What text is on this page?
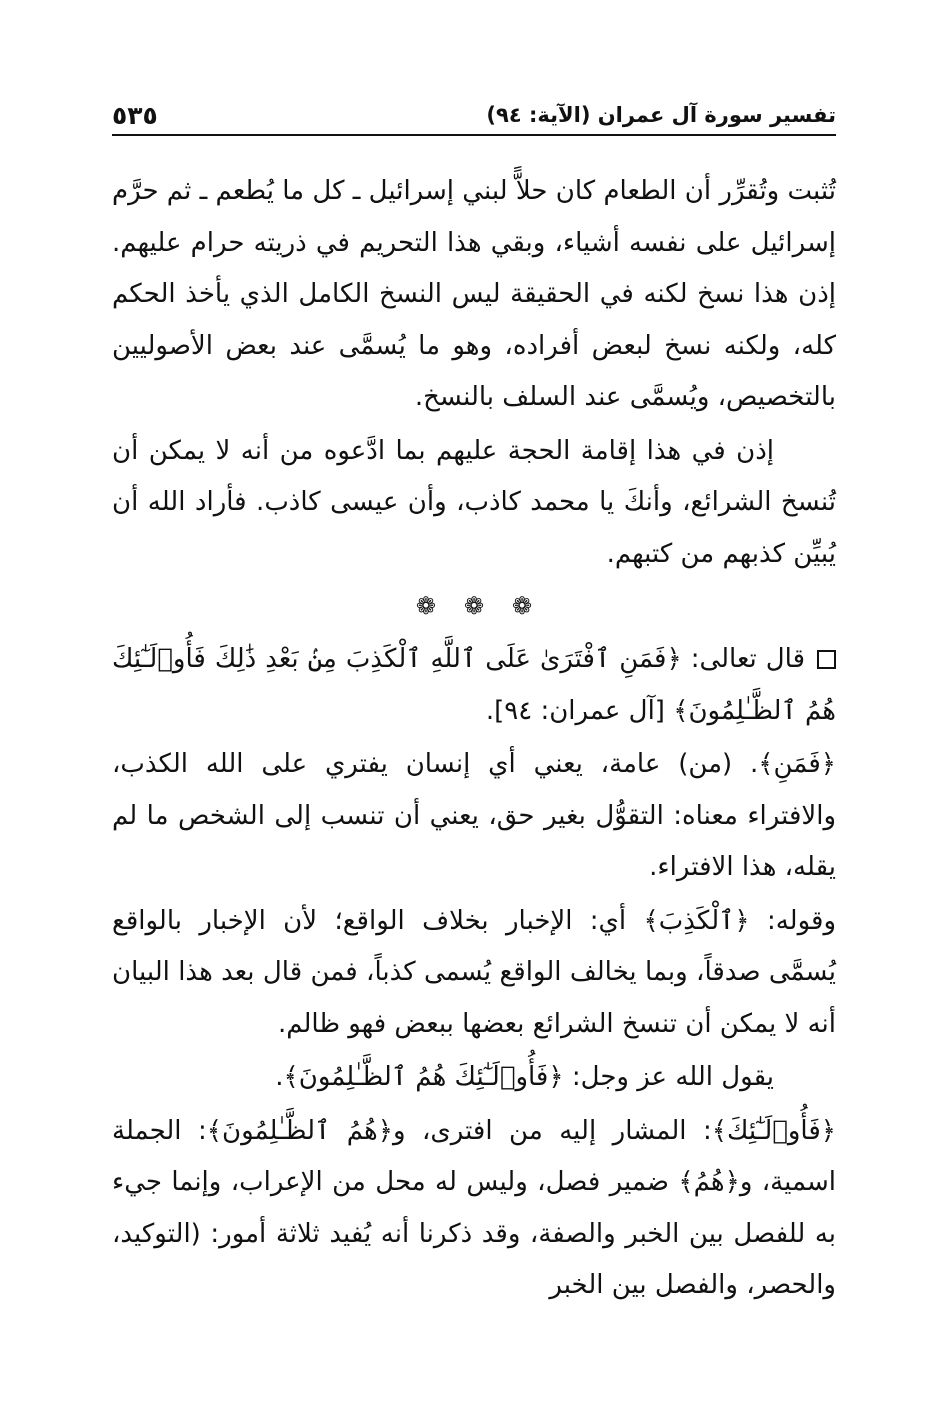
تفسير سورة آل عمران (الآية: ٩٤)
٥٣٥

تُثبت وتُقرِّر أن الطعام كان حلاًّ لبني إسرائيل ـ كل ما يُطعم ـ ثم حرَّم إسرائيل على نفسه أشياء، وبقي هذا التحريم في ذريته حرام عليهم. إذن هذا نسخ لكنه في الحقيقة ليس النسخ الكامل الذي يأخذ الحكم كله، ولكنه نسخ لبعض أفراده، وهو ما يُسمَّى عند بعض الأصوليين بالتخصيص، ويُسمَّى عند السلف بالنسخ.

إذن في هذا إقامة الحجة عليهم بما ادَّعوه من أنه لا يمكن أن تُنسخ الشرائع، وأنكَ يا محمد كاذب، وأن عيسى كاذب. فأراد الله أن يُبيِّن كذبهم من كتبهم.

❁ ❁ ❁

قال تعالى: ﴿فَمَنِ ٱفْتَرَىٰ عَلَى ٱللَّهِ ٱلْكَذِبَ مِنۢ بَعْدِ ذَٰلِكَ فَأُو۟لَـٰٓئِكَ هُمُ ٱلظَّـٰلِمُونَ﴾ [آل عمران: ٩٤].

﴿فَمَنِ﴾. (من) عامة، يعني أي إنسان يفتري على الله الكذب، والافتراء معناه: التقوُّل بغير حق، يعني أن تنسب إلى الشخص ما لم يقله، هذا الافتراء.

وقوله: ﴿ٱلْكَذِبَ﴾ أي: الإخبار بخلاف الواقع؛ لأن الإخبار بالواقع يُسمَّى صدقاً، وبما يخالف الواقع يُسمى كذباً، فمن قال بعد هذا البيان أنه لا يمكن أن تنسخ الشرائع بعضها ببعض فهو ظالم.

يقول الله عز وجل: ﴿فَأُو۟لَـٰٓئِكَ هُمُ ٱلظَّـٰلِمُونَ﴾.

﴿فَأُو۟لَـٰٓئِكَ﴾: المشار إليه من افترى، و﴿هُمُ ٱلظَّـٰلِمُونَ﴾: الجملة اسمية، و﴿هُمُ﴾ ضمير فصل، وليس له محل من الإعراب، وإنما جيء به للفصل بين الخبر والصفة، وقد ذكرنا أنه يُفيد ثلاثة أمور: (التوكيد، والحصر، والفصل بين الخبر
